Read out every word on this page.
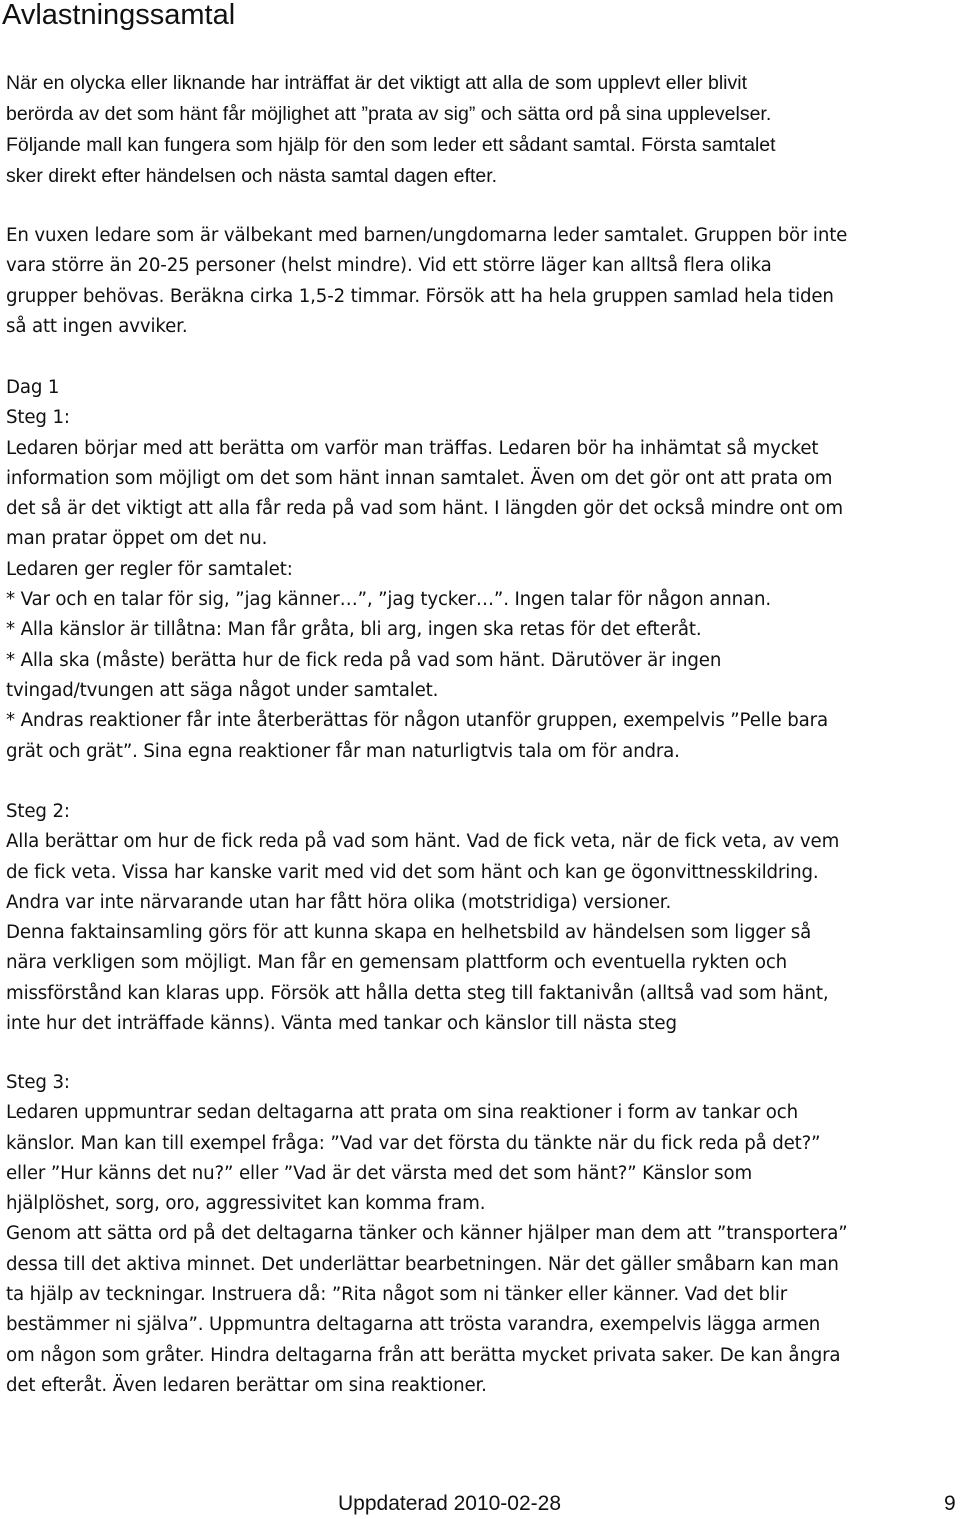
Avlastningssamtal

När en olycka eller liknande har inträffat är det viktigt att alla de som upplevt eller blivit
berörda av det som hänt får möjlighet att ”prata av sig” och sätta ord på sina upplevelser.
Följande mall kan fungera som hjälp för den som leder ett sådant samtal. Första samtalet
sker direkt efter händelsen och nästa samtal dagen efter.

En vuxen ledare som är välbekant med barnen/ungdomarna leder samtalet. Gruppen bör inte
vara större än 20-25 personer (helst mindre). Vid ett större läger kan alltså flera olika
grupper behövas. Beräkna cirka 1,5-2 timmar. Försök att ha hela gruppen samlad hela tiden
så att ingen avviker.

Dag 1
Steg 1:
Ledaren börjar med att berätta om varför man träffas. Ledaren bör ha inhämtat så mycket
information som möjligt om det som hänt innan samtalet. Även om det gör ont att prata om
det så är det viktigt att alla får reda på vad som hänt. I längden gör det också mindre ont om
man pratar öppet om det nu.
Ledaren ger regler för samtalet:
* Var och en talar för sig, ”jag känner…”, ”jag tycker…”. Ingen talar för någon annan.
* Alla känslor är tillåtna: Man får gråta, bli arg, ingen ska retas för det efteråt.
* Alla ska (måste) berätta hur de fick reda på vad som hänt. Därutöver är ingen
tvingad/tvungen att säga något under samtalet.
* Andras reaktioner får inte återberättas för någon utanför gruppen, exempelvis ”Pelle bara
grät och grät”. Sina egna reaktioner får man naturligtvis tala om för andra.

Steg 2:
Alla berättar om hur de fick reda på vad som hänt. Vad de fick veta, när de fick veta, av vem
de fick veta. Vissa har kanske varit med vid det som hänt och kan ge ögonvittnesskildring.
Andra var inte närvarande utan har fått höra olika (motstridiga) versioner.
Denna faktainsamling görs för att kunna skapa en helhetsbild av händelsen som ligger så
nära verkligen som möjligt. Man får en gemensam plattform och eventuella rykten och
missförstånd kan klaras upp. Försök att hålla detta steg till faktanivån (alltså vad som hänt,
inte hur det inträffade känns). Vänta med tankar och känslor till nästa steg

Steg 3:
Ledaren uppmuntrar sedan deltagarna att prata om sina reaktioner i form av tankar och
känslor. Man kan till exempel fråga: ”Vad var det första du tänkte när du fick reda på det?”
eller ”Hur känns det nu?” eller ”Vad är det värsta med det som hänt?” Känslor som
hjälplöshet, sorg, oro, aggressivitet kan komma fram.
Genom att sätta ord på det deltagarna tänker och känner hjälper man dem att ”transportera”
dessa till det aktiva minnet. Det underlättar bearbetningen. När det gäller småbarn kan man
ta hjälp av teckningar. Instruera då: ”Rita något som ni tänker eller känner. Vad det blir
bestämmer ni själva”. Uppmuntra deltagarna att trösta varandra, exempelvis lägga armen
om någon som gråter. Hindra deltagarna från att berätta mycket privata saker. De kan ångra
det efteråt. Även ledaren berättar om sina reaktioner.

Uppdaterad 2010-02-28	9
